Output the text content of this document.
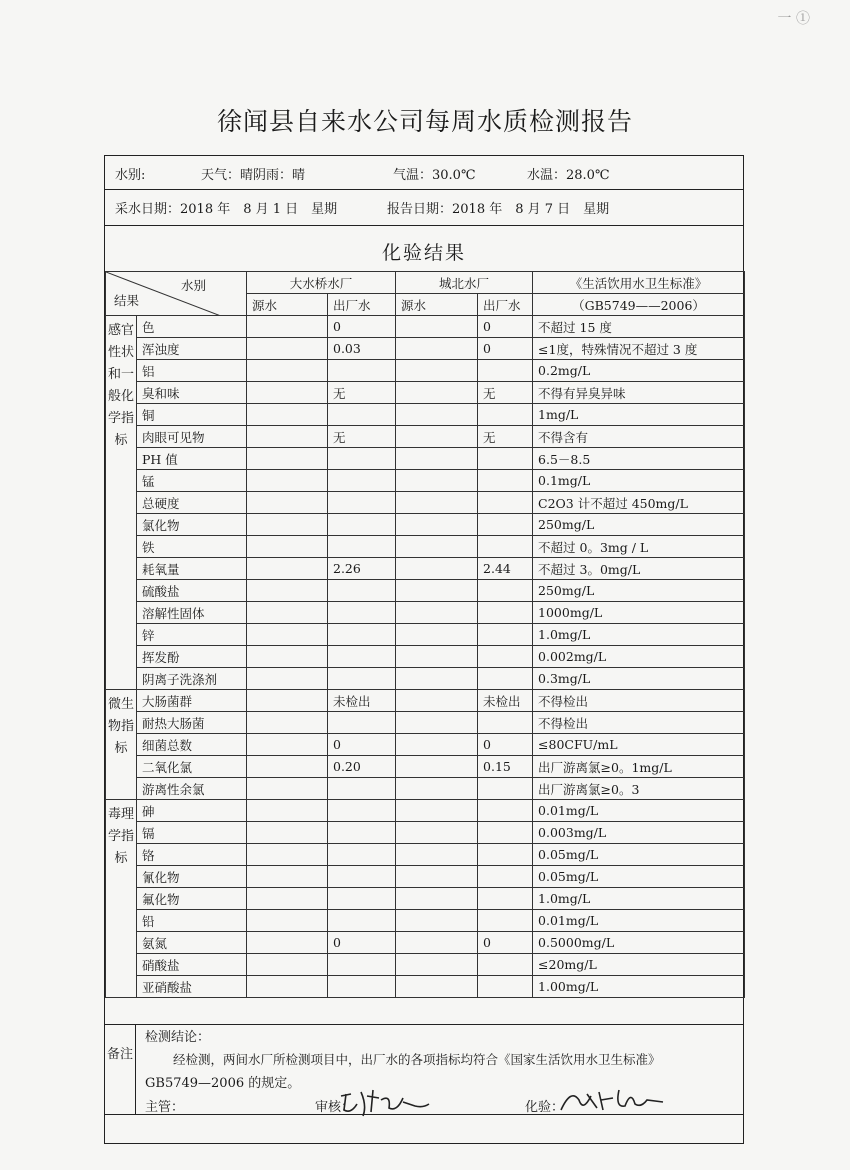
一 ①
徐闻县自来水公司每周水质检测报告
水别:	天气：晴阴雨：晴	气温：30.0℃	水温：28.0℃
采水日期：2018 年　8 月 1 日　星期	报告日期：2018 年　8 月 7 日　星期
化验结果
水别
结果		大水桥水厂		城北水厂		《生活饮用水卫生标准》
		源水	出厂水	源水	出厂水	（GB5749——2006）
感官性状和一般化学指标	色		0		0	不超过 15 度
	浑浊度		0.03		0	≤1度，特殊情况不超过 3 度
	铝					0.2mg/L
	臭和味		无		无	不得有异臭异味
	铜					1mg/L
	肉眼可见物		无		无	不得含有
	PH 值					6.5－8.5
	锰					0.1mg/L
	总硬度					C2O3 计不超过 450mg/L
	氯化物					250mg/L
	铁					不超过 0。3mg / L
	耗氧量		2.26		2.44	不超过 3。0mg/L
	硫酸盐					250mg/L
	溶解性固体					1000mg/L
	锌					1.0mg/L
	挥发酚					0.002mg/L
	阴离子洗涤剂					0.3mg/L
微生物指标	大肠菌群		未检出		未检出	不得检出
	耐热大肠菌					不得检出
	细菌总数		0		0	≤80CFU/mL
	二氧化氯		0.20		0.15	出厂游离氯≥0。1mg/L
	游离性余氯					出厂游离氯≥0。3
毒理学指标	砷					0.01mg/L
	镉					0.003mg/L
	铬					0.05mg/L
	氰化物					0.05mg/L
	氟化物					1.0mg/L
	铅					0.01mg/L
	氨氮		0		0	0.5000mg/L
	硝酸盐					≤20mg/L
	亚硝酸盐					1.00mg/L
备注
检测结论：
经检测，两间水厂所检测项目中，出厂水的各项指标均符合《国家生活饮用水卫生标准》
GB5749—2006 的规定。
主管：	审核：	化验：
